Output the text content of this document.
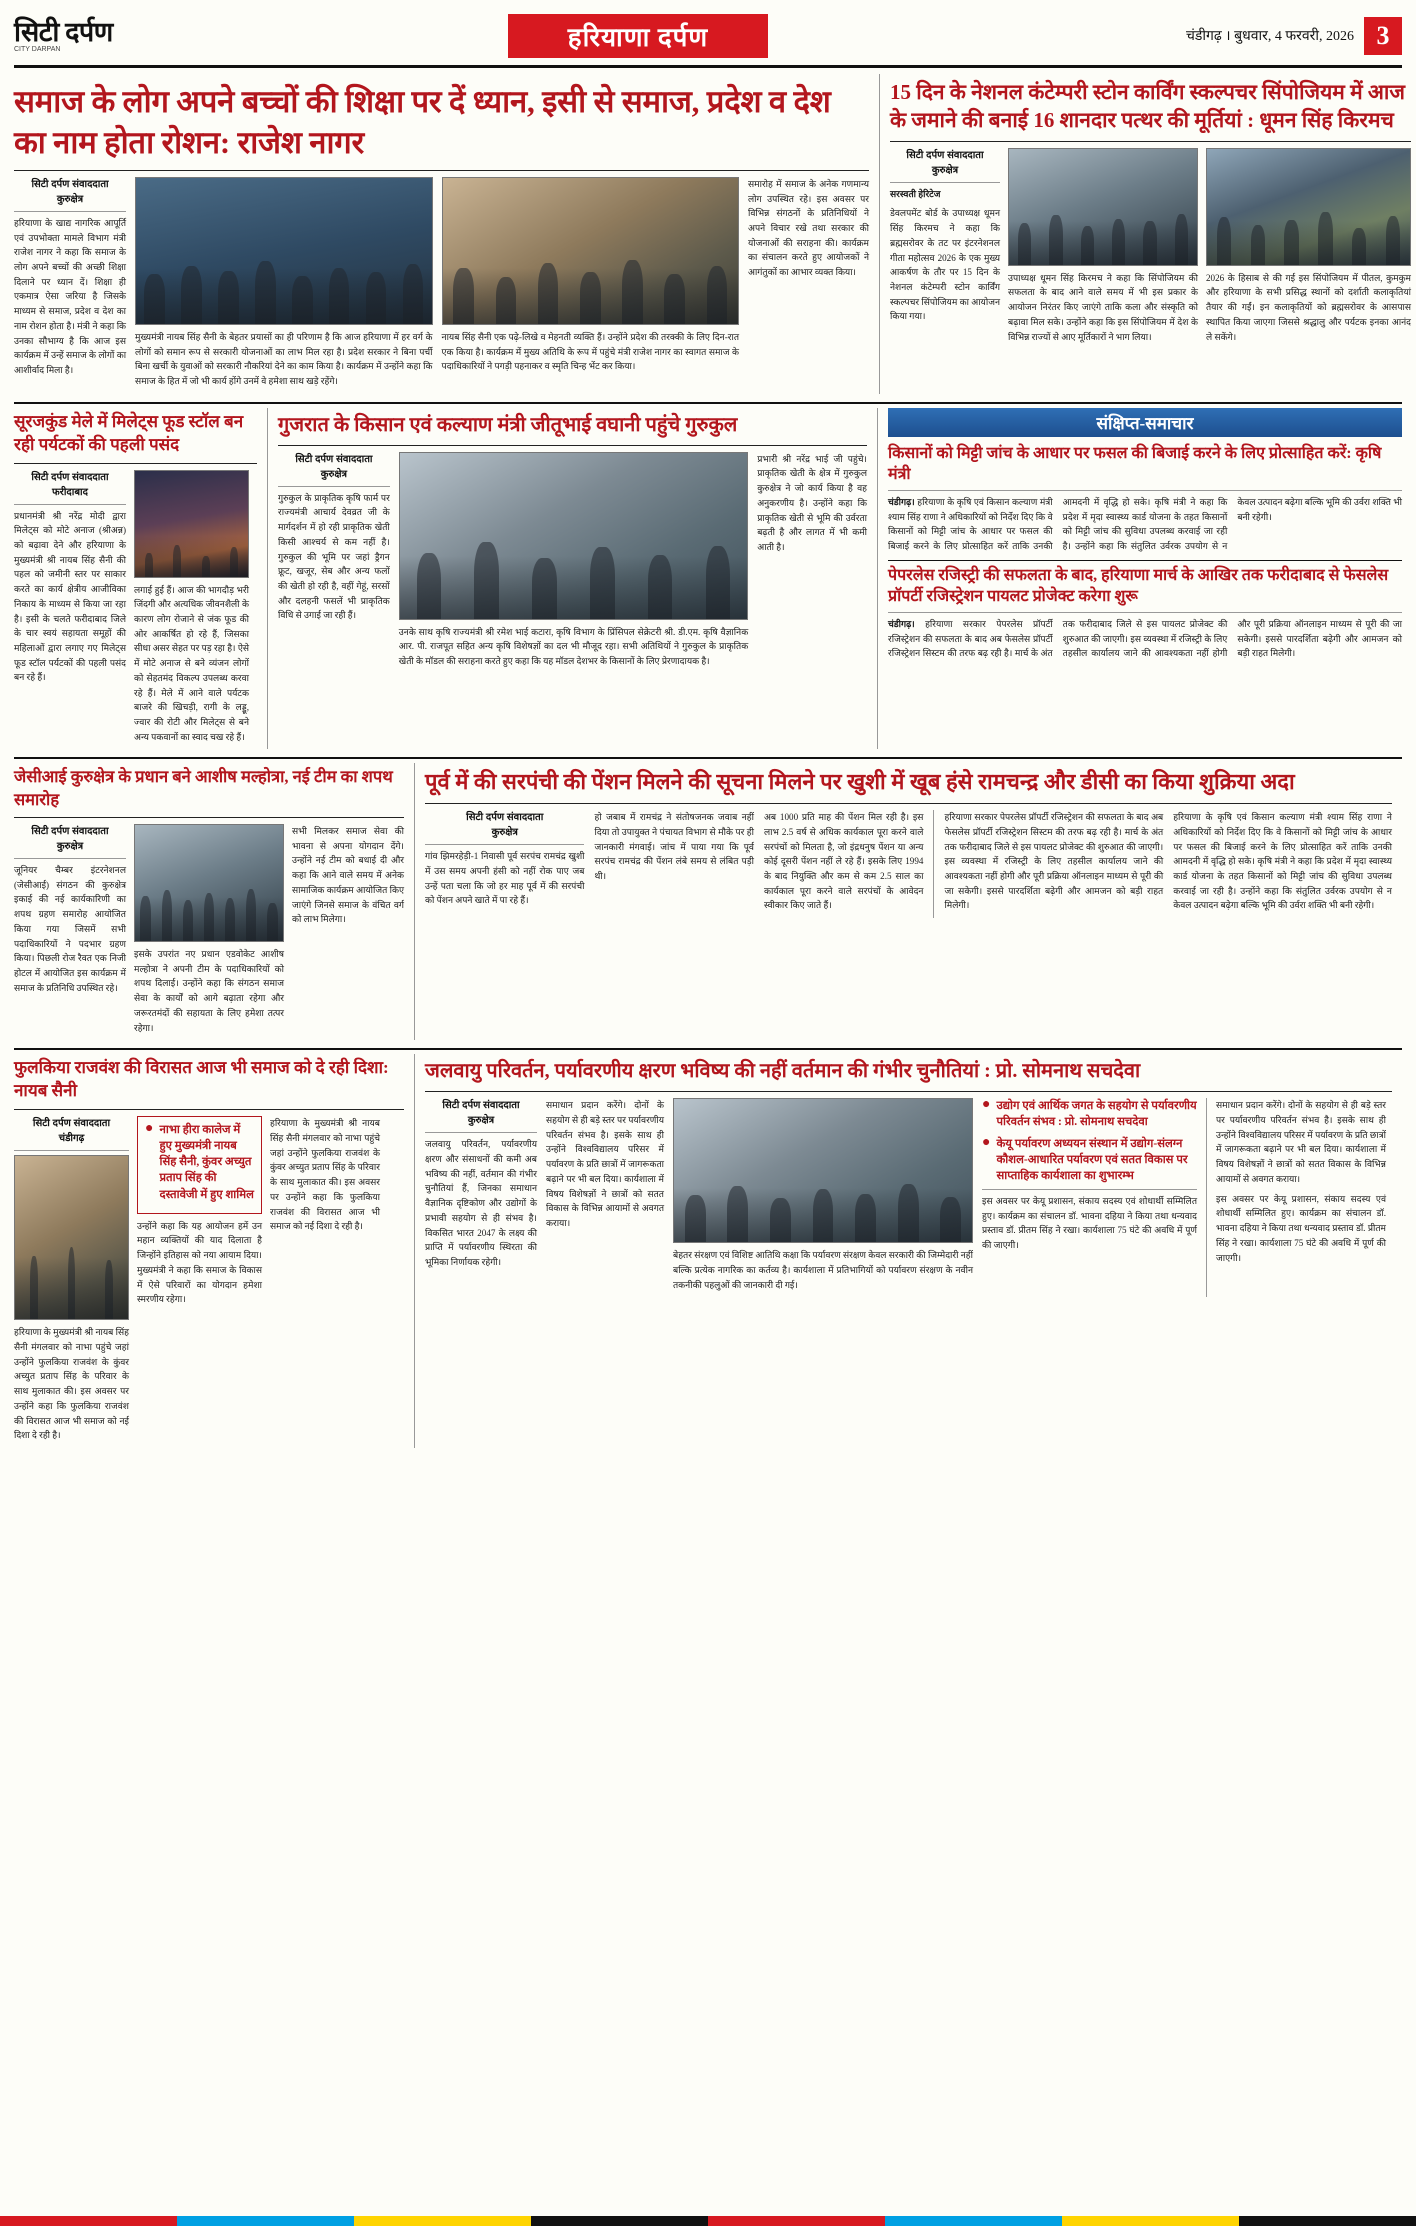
सिटी दर्पण
CITY DARPAN	हरियाणा दर्पण	चंडीगढ़ । बुधवार, 4 फरवरी, 2026 3
समाज के लोग अपने बच्चों की शिक्षा पर दें ध्यान, इसी से समाज, प्रदेश व देश का नाम होता रोशन: राजेश नागर
सिटी दर्पण संवाददाता
कुरुक्षेत्र

हरियाणा के खाद्य नागरिक आपूर्ति एवं उपभोक्ता मामले विभाग मंत्री राजेश नागर ने कहा कि समाज के लोग अपने बच्चों की अच्छी शिक्षा दिलाने पर ध्यान दें। शिक्षा ही एकमात्र ऐसा जरिया है जिसके माध्यम से समाज, प्रदेश व देश का नाम रोशन होता है। मंत्री ने कहा कि उनका सौभाग्य है कि आज इस कार्यक्रम में उन्हें समाज के लोगों का आशीर्वाद मिला है।

मुख्यमंत्री नायब सिंह सैनी के बेहतर प्रयासों का ही परिणाम है कि आज हरियाणा में हर वर्ग के लोगों को समान रूप से सरकारी योजनाओं का लाभ मिल रहा है। प्रदेश सरकार ने बिना पर्ची बिना खर्ची के युवाओं को सरकारी नौकरियां देने का काम किया है। कार्यक्रम में उन्होंने कहा कि समाज के हित में जो भी कार्य होंगे उनमें वे हमेशा साथ खड़े रहेंगे।

नायब सिंह सैनी एक पढ़े-लिखे व मेहनती व्यक्ति हैं। उन्होंने प्रदेश की तरक्की के लिए दिन-रात एक किया है। कार्यक्रम में मुख्य अतिथि के रूप में पहुंचे मंत्री राजेश नागर का स्वागत समाज के पदाधिकारियों ने पगड़ी पहनाकर व स्मृति चिन्ह भेंट कर किया।

समारोह में समाज के अनेक गणमान्य लोग उपस्थित रहे। इस अवसर पर विभिन्न संगठनों के प्रतिनिधियों ने अपने विचार रखे तथा सरकार की योजनाओं की सराहना की। कार्यक्रम का संचालन करते हुए आयोजकों ने आगंतुकों का आभार व्यक्त किया।

15 दिन के नेशनल कंटेम्परी स्टोन कार्विंग स्कल्पचर सिंपोजियम में आज के जमाने की बनाई 16 शानदार पत्थर की मूर्तियां : धूमन सिंह किरमच
सिटी दर्पण संवाददाता
कुरुक्षेत्र

सरस्वती हेरिटेज

डेवलपमेंट बोर्ड के उपाध्यक्ष धूमन सिंह किरमच ने कहा कि ब्रह्मसरोवर के तट पर इंटरनेशनल गीता महोत्सव 2026 के एक मुख्य आकर्षण के तौर पर 15 दिन के नेशनल कंटेम्परी स्टोन कार्विंग स्कल्पचर सिंपोजियम का आयोजन किया गया।

उपाध्यक्ष धूमन सिंह किरमच ने कहा कि सिंपोजियम की सफलता के बाद आने वाले समय में भी इस प्रकार के आयोजन निरंतर किए जाएंगे ताकि कला और संस्कृति को बढ़ावा मिल सके। उन्होंने कहा कि इस सिंपोजियम में देश के विभिन्न राज्यों से आए मूर्तिकारों ने भाग लिया।

2026 के हिसाब से की गई इस सिंपोजियम में पीतल, कुमकुम और हरियाणा के सभी प्रसिद्ध स्थानों को दर्शाती कलाकृतियां तैयार की गईं। इन कलाकृतियों को ब्रह्मसरोवर के आसपास स्थापित किया जाएगा जिससे श्रद्धालु और पर्यटक इनका आनंद ले सकेंगे।

सूरजकुंड मेले में मिलेट्स फूड स्टॉल बन रही पर्यटकों की पहली पसंद
सिटी दर्पण संवाददाता
फरीदाबाद

प्रधानमंत्री श्री नरेंद्र मोदी द्वारा मिलेट्स को मोटे अनाज (श्रीअन्न) को बढ़ावा देने और हरियाणा के मुख्यमंत्री श्री नायब सिंह सैनी की पहल को जमीनी स्तर पर साकार करते का कार्य क्षेत्रीय आजीविका निकाय के माध्यम से किया जा रहा है। इसी के चलते फरीदाबाद जिले के चार स्वयं सहायता समूहों की महिलाओं द्वारा लगाए गए मिलेट्स फूड स्टॉल पर्यटकों की पहली पसंद बन रहे हैं।

लगाई हुई हैं। आज की भागदौड़ भरी जिंदगी और अत्यधिक जीवनशैली के कारण लोग रोजाने से जंक फूड की ओर आकर्षित हो रहे हैं, जिसका सीधा असर सेहत पर पड़ रहा है। ऐसे में मोटे अनाज से बने व्यंजन लोगों को सेहतमंद विकल्प उपलब्ध करवा रहे हैं। मेले में आने वाले पर्यटक बाजरे की खिचड़ी, रागी के लड्डू, ज्वार की रोटी और मिलेट्स से बने अन्य पकवानों का स्वाद चख रहे हैं।

गुजरात के किसान एवं कल्याण मंत्री जीतूभाई वघानी पहुंचे गुरुकुल
सिटी दर्पण संवाददाता
कुरुक्षेत्र

गुरुकुल के प्राकृतिक कृषि फार्म पर राज्यमंत्री आचार्य देवव्रत जी के मार्गदर्शन में हो रही प्राकृतिक खेती किसी आश्चर्य से कम नहीं है। गुरुकुल की भूमि पर जहां ड्रैगन फ्रूट, खजूर, सेब और अन्य फलों की खेती हो रही है, वहीं गेहूं, सरसों और दलहनी फसलें भी प्राकृतिक विधि से उगाई जा रही हैं।

उनके साथ कृषि राज्यमंत्री श्री रमेश भाई कटारा, कृषि विभाग के प्रिंसिपल सेक्रेटरी श्री. डी.एम. कृषि वैज्ञानिक आर. पी. राजपूत सहित अन्य कृषि विशेषज्ञों का दल भी मौजूद रहा। सभी अतिथियों ने गुरुकुल के प्राकृतिक खेती के मॉडल की सराहना करते हुए कहा कि यह मॉडल देशभर के किसानों के लिए प्रेरणादायक है।

प्रभारी श्री नरेंद्र भाई जी पहुंचे। प्राकृतिक खेती के क्षेत्र में गुरुकुल कुरुक्षेत्र ने जो कार्य किया है वह अनुकरणीय है। उन्होंने कहा कि प्राकृतिक खेती से भूमि की उर्वरता बढ़ती है और लागत में भी कमी आती है।

संक्षिप्त-समाचार
किसानों को मिट्टी जांच के आधार पर फसल की बिजाई करने के लिए प्रोत्साहित करें: कृषि मंत्री

चंडीगढ़। हरियाणा के कृषि एवं किसान कल्याण मंत्री श्याम सिंह राणा ने अधिकारियों को निर्देश दिए कि वे किसानों को मिट्टी जांच के आधार पर फसल की बिजाई करने के लिए प्रोत्साहित करें ताकि उनकी आमदनी में वृद्धि हो सके। कृषि मंत्री ने कहा कि प्रदेश में मृदा स्वास्थ्य कार्ड योजना के तहत किसानों को मिट्टी जांच की सुविधा उपलब्ध करवाई जा रही है। उन्होंने कहा कि संतुलित उर्वरक उपयोग से न केवल उत्पादन बढ़ेगा बल्कि भूमि की उर्वरा शक्ति भी बनी रहेगी।

पेपरलेस रजिस्ट्री की सफलता के बाद, हरियाणा मार्च के आखिर तक फरीदाबाद से फेसलेस प्रॉपर्टी रजिस्ट्रेशन पायलट प्रोजेक्ट करेगा शुरू

चंडीगढ़। हरियाणा सरकार पेपरलेस प्रॉपर्टी रजिस्ट्रेशन की सफलता के बाद अब फेसलेस प्रॉपर्टी रजिस्ट्रेशन सिस्टम की तरफ बढ़ रही है। मार्च के अंत तक फरीदाबाद जिले से इस पायलट प्रोजेक्ट की शुरुआत की जाएगी। इस व्यवस्था में रजिस्ट्री के लिए तहसील कार्यालय जाने की आवश्यकता नहीं होगी और पूरी प्रक्रिया ऑनलाइन माध्यम से पूरी की जा सकेगी। इससे पारदर्शिता बढ़ेगी और आमजन को बड़ी राहत मिलेगी।

जेसीआई कुरुक्षेत्र के प्रधान बने आशीष मल्होत्रा, नई टीम का शपथ समारोह
सिटी दर्पण संवाददाता
कुरुक्षेत्र

जूनियर चैम्बर इंटरनेशनल (जेसीआई) संगठन की कुरुक्षेत्र इकाई की नई कार्यकारिणी का शपथ ग्रहण समारोह आयोजित किया गया जिसमें सभी पदाधिकारियों ने पदभार ग्रहण किया। पिछली रोज रैवत एक निजी होटल में आयोजित इस कार्यक्रम में समाज के प्रतिनिधि उपस्थित रहे।

इसके उपरांत नए प्रधान एडवोकेट आशीष मल्होत्रा ने अपनी टीम के पदाधिकारियों को शपथ दिलाई। उन्होंने कहा कि संगठन समाज सेवा के कार्यों को आगे बढ़ाता रहेगा और जरूरतमंदों की सहायता के लिए हमेशा तत्पर रहेगा।

सभी मिलकर समाज सेवा की भावना से अपना योगदान देंगे। उन्होंने नई टीम को बधाई दी और कहा कि आने वाले समय में अनेक सामाजिक कार्यक्रम आयोजित किए जाएंगे जिनसे समाज के वंचित वर्ग को लाभ मिलेगा।

पूर्व में की सरपंची की पेंशन मिलने की सूचना मिलने पर खुशी में खूब हंसे रामचन्द्र और डीसी का किया शुक्रिया अदा
सिटी दर्पण संवाददाता
कुरुक्षेत्र

गांव झिमरहेड़ी-1 निवासी पूर्व सरपंच रामचंद्र खुशी में उस समय अपनी हंसी को नहीं रोक पाए जब उन्हें पता चला कि जो हर माह पूर्व में की सरपंची को पेंशन अपने खाते में पा रहे हैं।

हो जबाब में रामचंद्र ने संतोषजनक जवाब नहीं दिया तो उपायुक्त ने पंचायत विभाग से मौके पर ही जानकारी मंगवाई। जांच में पाया गया कि पूर्व सरपंच रामचंद्र की पेंशन लंबे समय से लंबित पड़ी थी।

अब 1000 प्रति माह की पेंशन मिल रही है। इस लाभ 2.5 वर्ष से अधिक कार्यकाल पूरा करने वाले सरपंचों को मिलता है, जो इंद्रधनुष पेंशन या अन्य कोई दूसरी पेंशन नहीं ले रहे हैं। इसके लिए 1994 के बाद नियुक्ति और कम से कम 2.5 साल का कार्यकाल पूरा करने वाले सरपंचों के आवेदन स्वीकार किए जाते हैं।

हरियाणा सरकार पेपरलेस प्रॉपर्टी रजिस्ट्रेशन की सफलता के बाद अब फेसलेस प्रॉपर्टी रजिस्ट्रेशन सिस्टम की तरफ बढ़ रही है। मार्च के अंत तक फरीदाबाद जिले से इस पायलट प्रोजेक्ट की शुरुआत की जाएगी। इस व्यवस्था में रजिस्ट्री के लिए तहसील कार्यालय जाने की आवश्यकता नहीं होगी और पूरी प्रक्रिया ऑनलाइन माध्यम से पूरी की जा सकेगी। इससे पारदर्शिता बढ़ेगी और आमजन को बड़ी राहत मिलेगी।

हरियाणा के कृषि एवं किसान कल्याण मंत्री श्याम सिंह राणा ने अधिकारियों को निर्देश दिए कि वे किसानों को मिट्टी जांच के आधार पर फसल की बिजाई करने के लिए प्रोत्साहित करें ताकि उनकी आमदनी में वृद्धि हो सके। कृषि मंत्री ने कहा कि प्रदेश में मृदा स्वास्थ्य कार्ड योजना के तहत किसानों को मिट्टी जांच की सुविधा उपलब्ध करवाई जा रही है। उन्होंने कहा कि संतुलित उर्वरक उपयोग से न केवल उत्पादन बढ़ेगा बल्कि भूमि की उर्वरा शक्ति भी बनी रहेगी।

फुलकिया राजवंश की विरासत आज भी समाज को दे रही दिशा: नायब सैनी
सिटी दर्पण संवाददाता
चंडीगढ़

हरियाणा के मुख्यमंत्री श्री नायब सिंह सैनी मंगलवार को नाभा पहुंचे जहां उन्होंने फुलकिया राजवंश के कुंवर अच्युत प्रताप सिंह के परिवार के साथ मुलाकात की। इस अवसर पर उन्होंने कहा कि फुलकिया राजवंश की विरासत आज भी समाज को नई दिशा दे रही है।

● नाभा हीरा कालेज में हुए मुख्यमंत्री नायब सिंह सैनी, कुंवर अच्युत प्रताप सिंह की दस्तावेजी में हुए शामिल

उन्होंने कहा कि यह आयोजन हमें उन महान व्यक्तियों की याद दिलाता है जिन्होंने इतिहास को नया आयाम दिया। मुख्यमंत्री ने कहा कि समाज के विकास में ऐसे परिवारों का योगदान हमेशा स्मरणीय रहेगा।

हरियाणा के मुख्यमंत्री श्री नायब सिंह सैनी मंगलवार को नाभा पहुंचे जहां उन्होंने फुलकिया राजवंश के कुंवर अच्युत प्रताप सिंह के परिवार के साथ मुलाकात की। इस अवसर पर उन्होंने कहा कि फुलकिया राजवंश की विरासत आज भी समाज को नई दिशा दे रही है।

जलवायु परिवर्तन, पर्यावरणीय क्षरण भविष्य की नहीं वर्तमान की गंभीर चुनौतियां : प्रो. सोमनाथ सचदेवा
सिटी दर्पण संवाददाता
कुरुक्षेत्र

जलवायु परिवर्तन, पर्यावरणीय क्षरण और संसाधनों की कमी अब भविष्य की नहीं, वर्तमान की गंभीर चुनौतियां हैं, जिनका समाधान वैज्ञानिक दृष्टिकोण और उद्योगों के प्रभावी सहयोग से ही संभव है। विकसित भारत 2047 के लक्ष्य की प्राप्ति में पर्यावरणीय स्थिरता की भूमिका निर्णायक रहेगी।

समाधान प्रदान करेंगे। दोनों के सहयोग से ही बड़े स्तर पर पर्यावरणीय परिवर्तन संभव है। इसके साथ ही उन्होंने विश्वविद्यालय परिसर में पर्यावरण के प्रति छात्रों में जागरूकता बढ़ाने पर भी बल दिया। कार्यशाला में विषय विशेषज्ञों ने छात्रों को सतत विकास के विभिन्न आयामों से अवगत कराया।

बेहतर संरक्षण एवं विशिष्ट आतिथि कक्षा कि पर्यावरण संरक्षण केवल सरकारी की जिम्मेदारी नहीं बल्कि प्रत्येक नागरिक का कर्तव्य है। कार्यशाला में प्रतिभागियों को पर्यावरण संरक्षण के नवीन तकनीकी पहलुओं की जानकारी दी गई।

● उद्योग एवं आर्थिक जगत के सहयोग से पर्यावरणीय परिवर्तन संभव : प्रो. सोमनाथ सचदेवा
● केयू पर्यावरण अध्ययन संस्थान में उद्योग-संलग्न कौशल-आधारित पर्यावरण एवं सतत विकास पर साप्ताहिक कार्यशाला का शुभारम्भ

इस अवसर पर केयू प्रशासन, संकाय सदस्य एवं शोधार्थी सम्मिलित हुए। कार्यक्रम का संचालन डॉ. भावना दहिया ने किया तथा धन्यवाद प्रस्ताव डॉ. प्रीतम सिंह ने रखा। कार्यशाला 75 घंटे की अवधि में पूर्ण की जाएगी।

समाधान प्रदान करेंगे। दोनों के सहयोग से ही बड़े स्तर पर पर्यावरणीय परिवर्तन संभव है। इसके साथ ही उन्होंने विश्वविद्यालय परिसर में पर्यावरण के प्रति छात्रों में जागरूकता बढ़ाने पर भी बल दिया। कार्यशाला में विषय विशेषज्ञों ने छात्रों को सतत विकास के विभिन्न आयामों से अवगत कराया।

इस अवसर पर केयू प्रशासन, संकाय सदस्य एवं शोधार्थी सम्मिलित हुए। कार्यक्रम का संचालन डॉ. भावना दहिया ने किया तथा धन्यवाद प्रस्ताव डॉ. प्रीतम सिंह ने रखा। कार्यशाला 75 घंटे की अवधि में पूर्ण की जाएगी।
